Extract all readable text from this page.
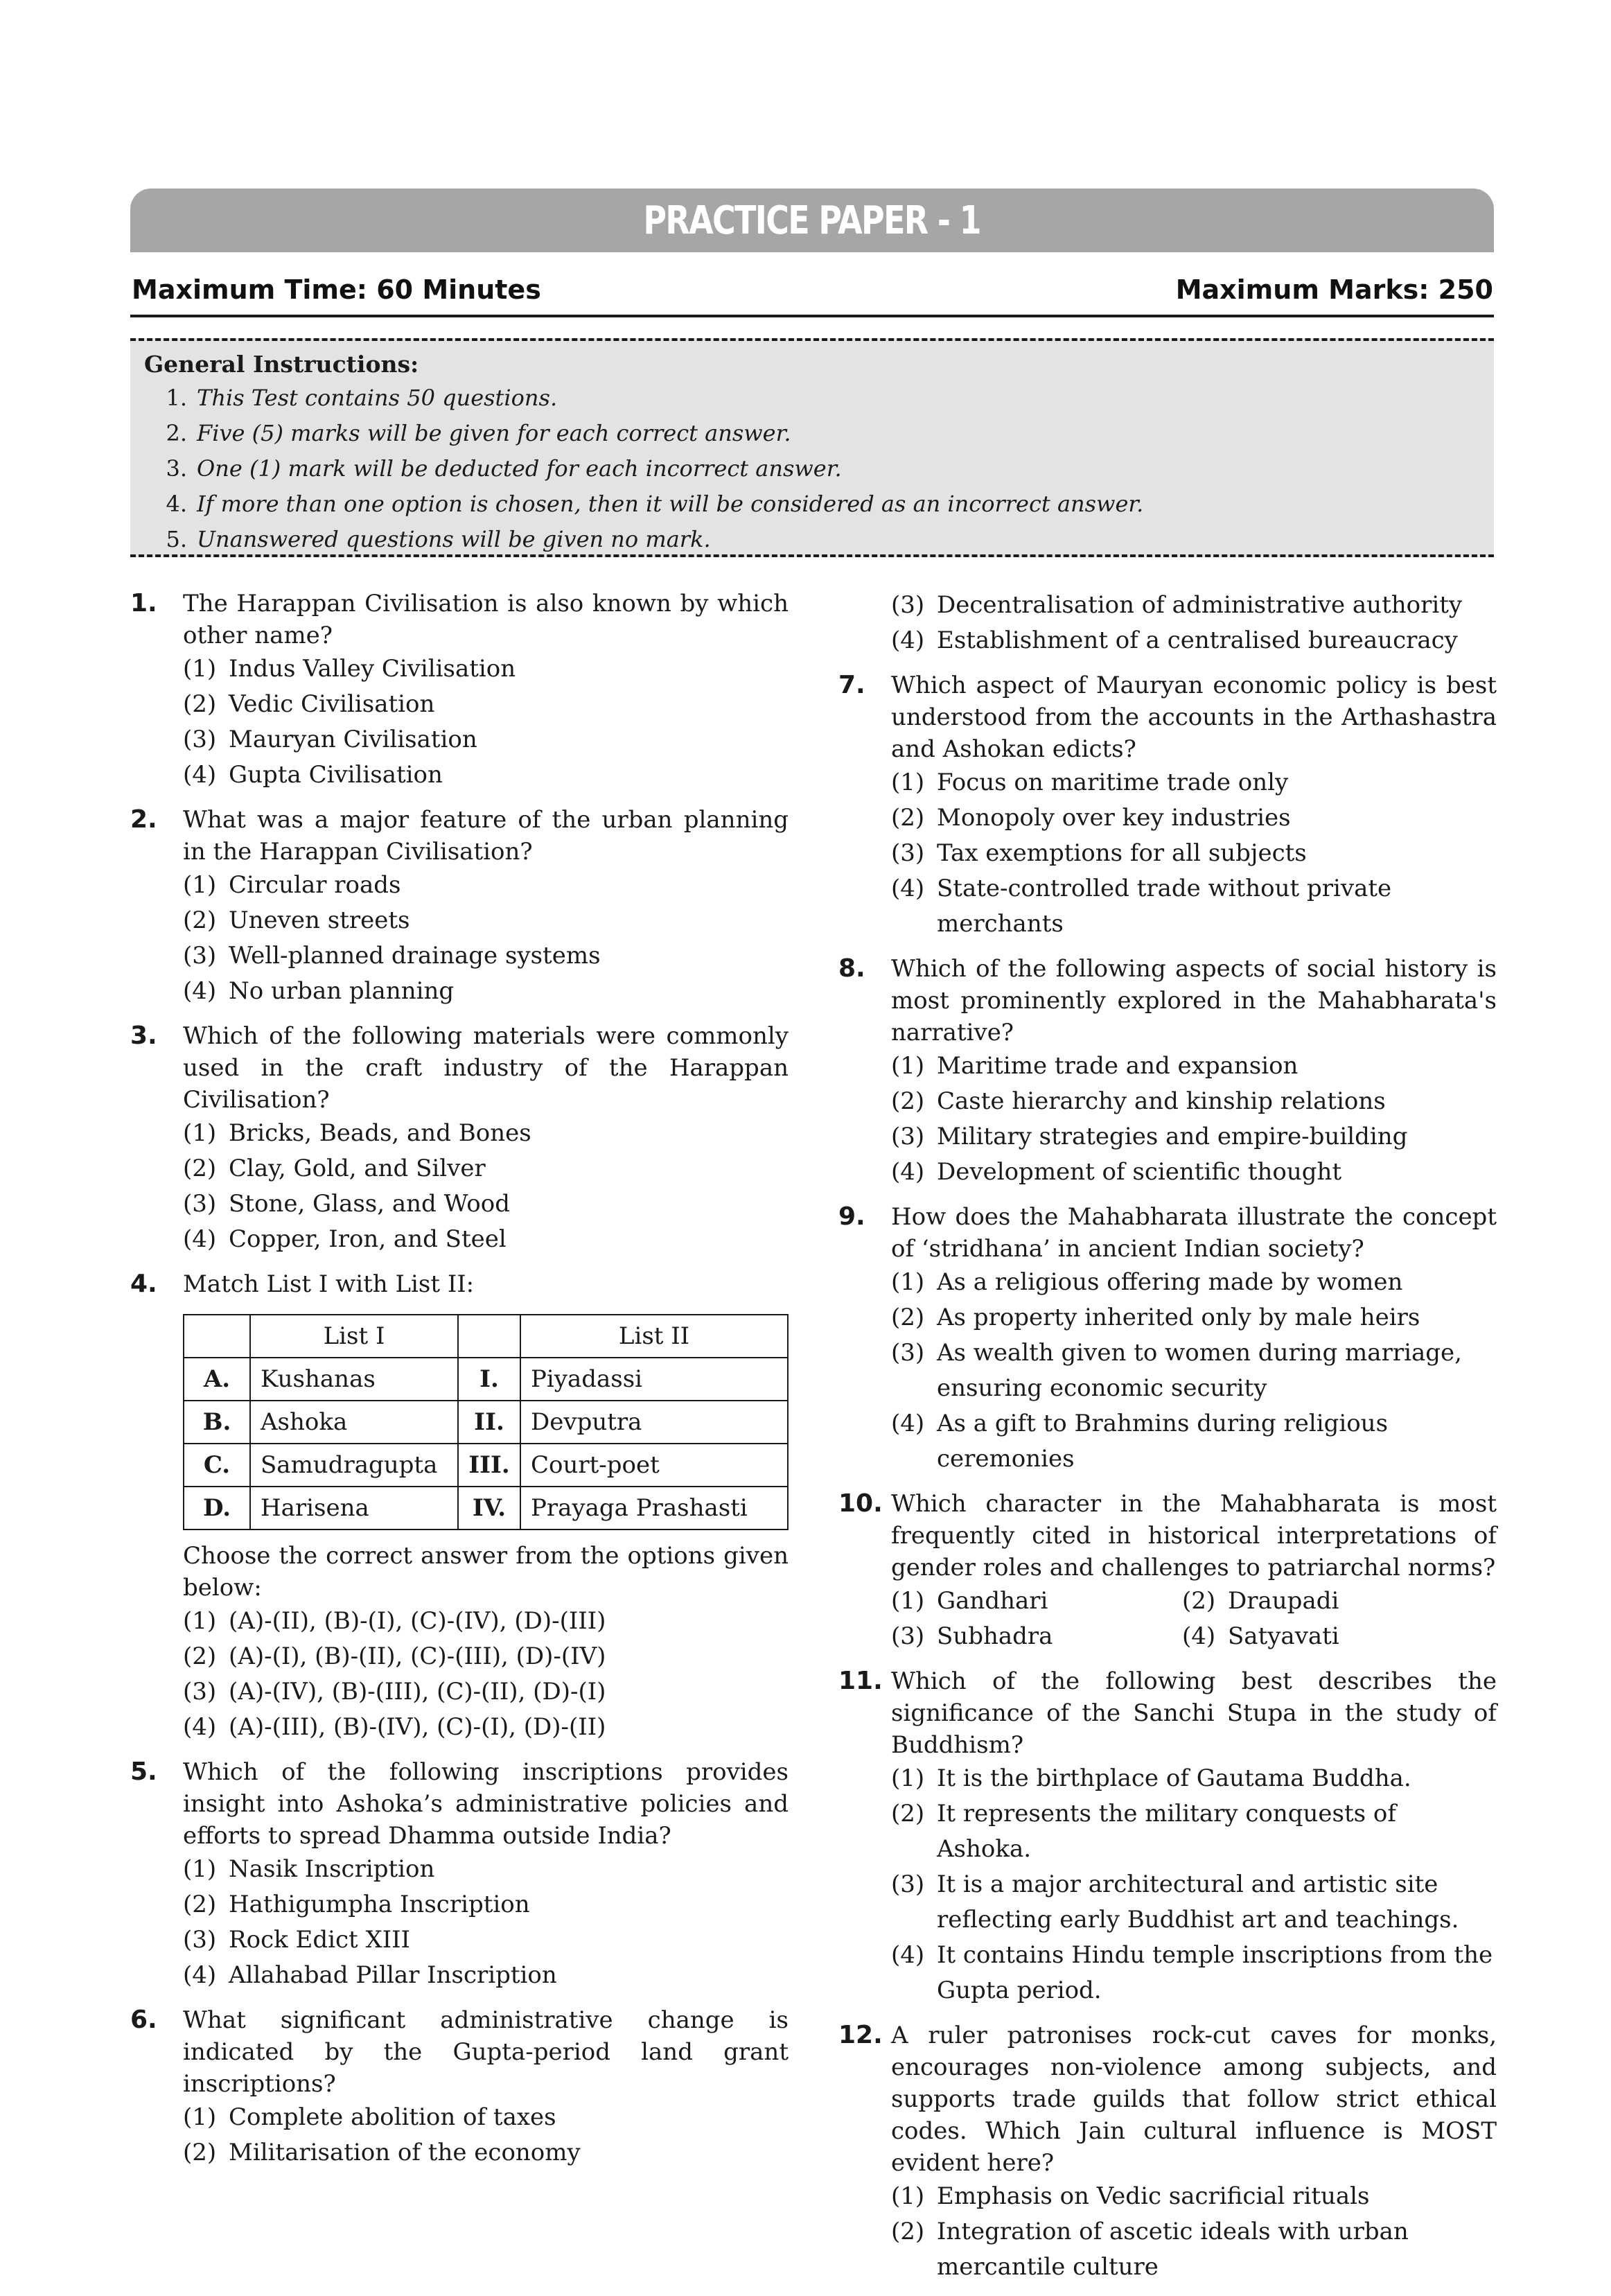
PRACTICE PAPER - 1
Maximum Time: 60 Minutes	Maximum Marks: 250
General Instructions:
1. This Test contains 50 questions.
2. Five (5) marks will be given for each correct answer.
3. One (1) mark will be deducted for each incorrect answer.
4. If more than one option is chosen, then it will be considered as an incorrect answer.
5. Unanswered questions will be given no mark.
1.	The Harappan Civilisation is also known by which other name?
(1) Indus Valley Civilisation
(2) Vedic Civilisation
(3) Mauryan Civilisation
(4) Gupta Civilisation
2.	What was a major feature of the urban planning in the Harappan Civilisation?
(1) Circular roads
(2) Uneven streets
(3) Well-planned drainage systems
(4) No urban planning
3.	Which of the following materials were commonly used in the craft industry of the Harappan Civilisation?
(1) Bricks, Beads, and Bones
(2) Clay, Gold, and Silver
(3) Stone, Glass, and Wood
(4) Copper, Iron, and Steel
4.	Match List I with List II:
	List I		List II
A.	Kushanas	I.	Piyadassi
B.	Ashoka	II.	Devputra
C.	Samudragupta	III.	Court-poet
D.	Harisena	IV.	Prayaga Prashasti
Choose the correct answer from the options given below:
(1) (A)-(II), (B)-(I), (C)-(IV), (D)-(III)
(2) (A)-(I), (B)-(II), (C)-(III), (D)-(IV)
(3) (A)-(IV), (B)-(III), (C)-(II), (D)-(I)
(4) (A)-(III), (B)-(IV), (C)-(I), (D)-(II)
5.	Which of the following inscriptions provides insight into Ashoka’s administrative policies and efforts to spread Dhamma outside India?
(1) Nasik Inscription
(2) Hathigumpha Inscription
(3) Rock Edict XIII
(4) Allahabad Pillar Inscription
6.	What significant administrative change is indicated by the Gupta-period land grant inscriptions?
(1) Complete abolition of taxes
(2) Militarisation of the economy
(3) Decentralisation of administrative authority
(4) Establishment of a centralised bureaucracy
7.	Which aspect of Mauryan economic policy is best understood from the accounts in the Arthashastra and Ashokan edicts?
(1) Focus on maritime trade only
(2) Monopoly over key industries
(3) Tax exemptions for all subjects
(4) State-controlled trade without private merchants
8.	Which of the following aspects of social history is most prominently explored in the Mahabharata's narrative?
(1) Maritime trade and expansion
(2) Caste hierarchy and kinship relations
(3) Military strategies and empire-building
(4) Development of scientific thought
9.	How does the Mahabharata illustrate the concept of ‘stridhana’ in ancient Indian society?
(1) As a religious offering made by women
(2) As property inherited only by male heirs
(3) As wealth given to women during marriage, ensuring economic security
(4) As a gift to Brahmins during religious ceremonies
10. Which character in the Mahabharata is most frequently cited in historical interpretations of gender roles and challenges to patriarchal norms?
(1) Gandhari	(2) Draupadi
(3) Subhadra	(4) Satyavati
11. Which of the following best describes the significance of the Sanchi Stupa in the study of Buddhism?
(1) It is the birthplace of Gautama Buddha.
(2) It represents the military conquests of Ashoka.
(3) It is a major architectural and artistic site reflecting early Buddhist art and teachings.
(4) It contains Hindu temple inscriptions from the Gupta period.
12. A ruler patronises rock-cut caves for monks, encourages non-violence among subjects, and supports trade guilds that follow strict ethical codes. Which Jain cultural influence is MOST evident here?
(1) Emphasis on Vedic sacrificial rituals
(2) Integration of ascetic ideals with urban mercantile culture
